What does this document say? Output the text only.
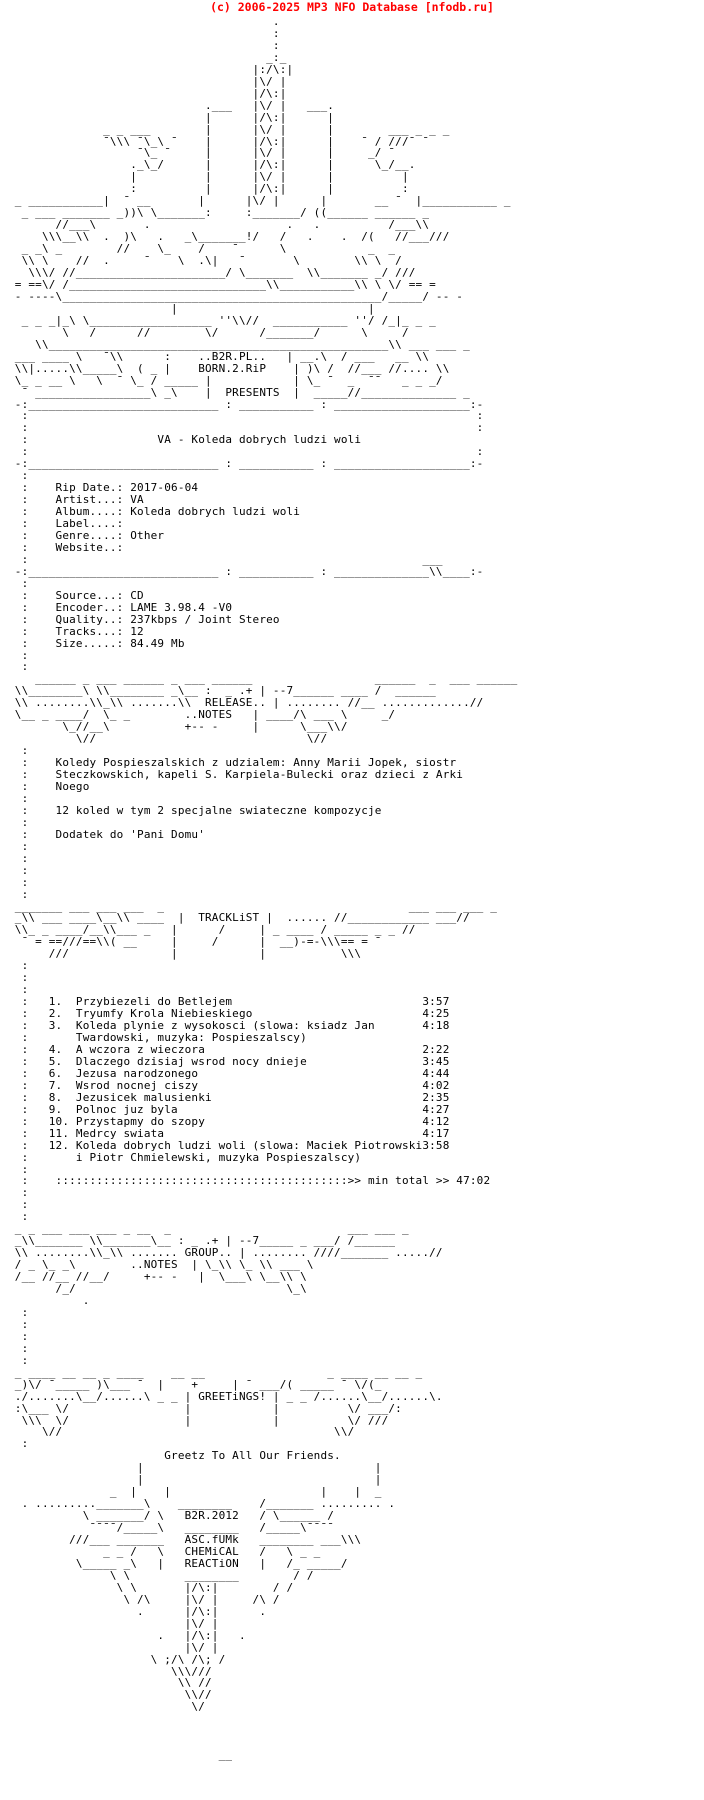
(c) 2006-2025 MP3 NFO Database [nfodb.ru]
.
:
:
_:_
|:/\:|
|\/ |
|/\:|
.___   |\/ |   ___.
|      |/\:|      |
_ _ ___        |      |\/ |      |        ___ _ _ _
¯\\\ ¯\_\ ¯    |      |/\:|      |    ¯ / ///¯ ¯
¯\_ ¯     |      |\/ |      |     _/ ¯
._\_/      |      |/\:|      |      \_/__.
|          |      |\/ |      |          |
:          |      |/\:|      |          :
_ ___________|  ¯ __       |      |\/ |      |       __ ¯  |___________ _
_ ___ _______ _))\ \_______:     :_______/ ((______ ______ _
//___\       .                    .   .          /___\\
\\\__\\  .  )\   .   _\_______!/   /   .    .  /(   //___///
_ _\ _        //    \_    /    ¯      \            _  _
\\ \    //  .     ¯    \  .\|   ¯       \        \\ \  /
\\\/ //______________________/ \_______  \\_______ _/ ///
= ==\/ /_____________________________\\___________\\ \ \/ == =
- ----\_______________________________________________/_____/ -- -
|                            |
_ _ _|_\ \__________________ ''\\//  ___________ ''/ /_|_ _ _
\   /      //        \/      /_______/      \     /
\\__________________________________________________\\ ___ ___ _
___ ____ \   ¯\\      :    ..B2R.PL..   | __.\  / ___   __ \\
\\|.....\\_____\  ( _ |    BORN.2.RiP    | )\ /  //___ //.... \\
\_ _ __ \   \  ¯ \_ / _____ |            | \_ ¯  _  ¯¯   _ _ _/
¯ _________________\ _\    |  PRESENTS  |  _____//______________ _
-:____________________________ : ___________ : ____________________:-
:                                                                  :
:                                                                  :
:                   VA - Koleda dobrych ludzi woli
:                                                                  :
-:____________________________ : ___________ : ____________________:-
:
:    Rip Date.: 2017-06-04
:    Artist...: VA
:    Album....: Koleda dobrych ludzi woli
:    Label....:
:    Genre....: Other
:    Website..:
:                                                          ___
-:____________________________ : ___________ : ______________\\____:-
:
:    Source...: CD
:    Encoder..: LAME 3.98.4 -V0
:    Quality..: 237kbps / Joint Stereo
:    Tracks...: 12
:    Size.....: 84.49 Mb
:
:
______ _ ___ ______ _ ___ ______                  ______  _  ___ ______
\\________\ \\________ _\__ :  _ .+ | --7______ ____ /  ______
\\ ........\\_\\ .......\\  RELEASE.. | ........ //__ .............//
\__ _ ____/  \_ _        ..NOTES   | ____/\ ___ \     _/
\_//__\           +-- -     |      \___\\/
\//                               \//
:
:    Koledy Pospieszalskich z udzialem: Anny Marii Jopek, siostr
:    Steczkowskich, kapeli S. Karpiela-Bulecki oraz dzieci z Arki
:    Noego
:
:    12 koled w tym 2 specjalne swiateczne kompozycje
:
:    Dodatek do 'Pani Domu'
:
:
:
:
:
_______ ___ ___ ___  _                                    ___ ___ ___ _
_\\ ___ ____\__\\ ____  |  TRACKLiST |  ...... //____________ ___//
\\_ _ ____/__\\___ _   |      /     | _ ____ / _____ _ _ //
¯ = ==///==\\( __     |     /      |  __)-=-\\\== = ¯
///               |            |           \\\
:
:
:
:   1.  Przybiezeli do Betlejem                            3:57
:   2.  Tryumfy Krola Niebieskiego                         4:25
:   3.  Koleda plynie z wysokosci (slowa: ksiadz Jan       4:18
:       Twardowski, muzyka: Pospieszalscy)
:   4.  A wczora z wieczora                                2:22
:   5.  Dlaczego dzisiaj wsrod nocy dnieje                 3:45
:   6.  Jezusa narodzonego                                 4:44
:   7.  Wsrod nocnej ciszy                                 4:02
:   8.  Jezusicek malusienki                               2:35
:   9.  Polnoc juz byla                                    4:27
:   10. Przystapmy do szopy                                4:12
:   11. Medrcy swiata                                      4:17
:   12. Koleda dobrych ludzi woli (slowa: Maciek Piotrowski3:58
:       i Piotr Chmielewski, muzyka Pospieszalscy)
:
:    :::::::::::::::::::::::::::::::::::::::::::>> min total >> 47:02
:
:
:
_ _ ___ ___ ___ _ __  _                          ___ ___ _
_\\_______ \\_______\__ : _ .+ | --7_____ _ ___/ /______
\\ ........\\_\\ ....... GROUP.. | ........ ////_______ .....//
/ _ \_ _\        ..NOTES  | \_\\ \_ \\ ___ \
/__ //__ //__/     +-- -   |  \___\ \__\\ \
/_/                               \_\
.
:
:
:
:
:
_ ____ __ __ _ ____    __ __                  _ ____ __ __ _
_)\/ ¯_____ )\___ ¯  |    +     | ¯ ___/( _____ ¯ \/(_
./.......\__/......\ _ _ | GREETiNGS! | _ _ /......\__/......\.
:\___ \/                 |            |          \/ ___/:
\\\  \/                 |            |          \/ ///
\//                                        \\/
:
Greetz To All Our Friends.
|                                  |
|                                  |
_  |    |                      |    |  _
. ........._______\    ________    /_______ ......... .
\ _______/ \   B2R.2012   / \______ /
¯¯¯¯/_____\   ________   /_____\¯¯¯¯
///___ _______   ASC.fUMk   ________ ___\\\
_ _ /   \   CHEMiCAL   /   \ _ _
\_____ _\   |   REACTiON   |   /_ _____/
\ \        ________        / /
\ \       |/\:|        / /
\ /\     |\/ |     /\ /
.      |/\:|      .
|\/ |
.   |/\:|   .
|\/ |
\ ;/\ /\; /
\\\///
\\ //
\\//
\/

__
